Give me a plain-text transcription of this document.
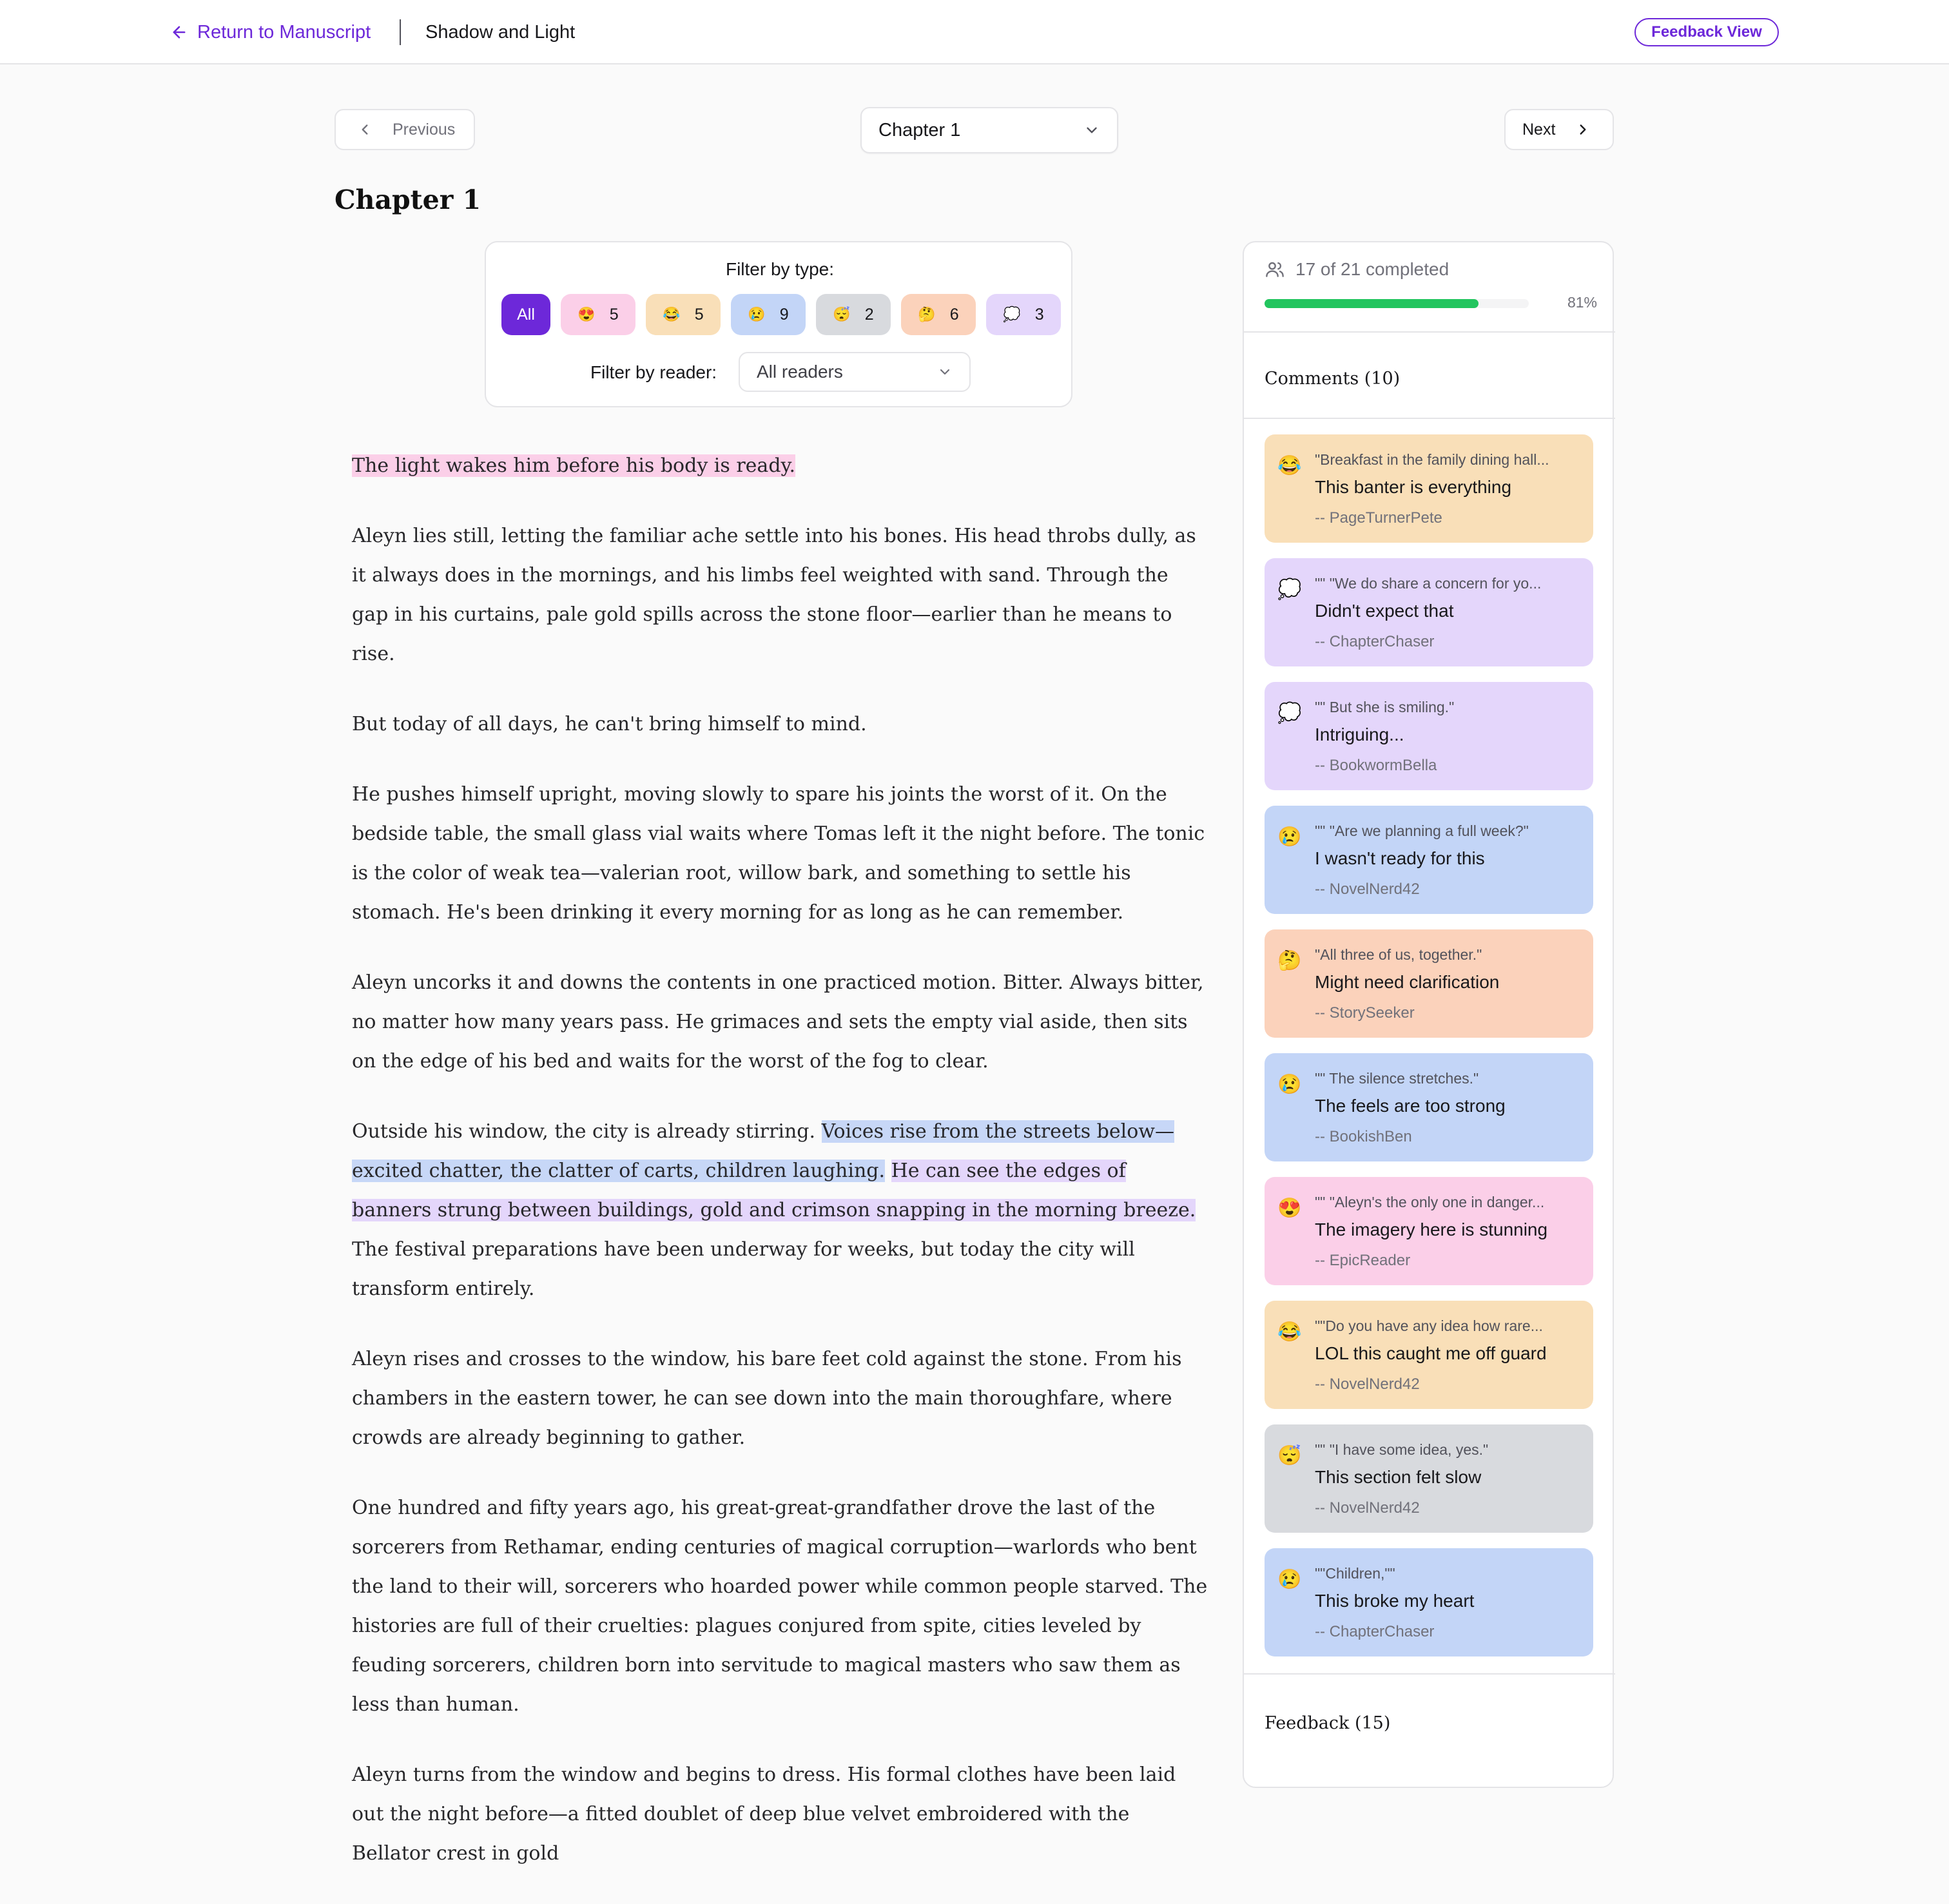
Return to Manuscript	Shadow and Light	Feedback View
Previous	Chapter 1	Next
Chapter 1
Filter by type:
All	😍 5	😂 5	😢 9	😴 2	🤔 6	💭 3
Filter by reader: All readers

The light wakes him before his body is ready.

Aleyn lies still, letting the familiar ache settle into his bones. His head throbs dully, as it always does in the mornings, and his limbs feel weighted with sand. Through the gap in his curtains, pale gold spills across the stone floor—earlier than he means to rise.

But today of all days, he can't bring himself to mind.

He pushes himself upright, moving slowly to spare his joints the worst of it. On the bedside table, the small glass vial waits where Tomas left it the night before. The tonic is the color of weak tea—valerian root, willow bark, and something to settle his stomach. He's been drinking it every morning for as long as he can remember.

Aleyn uncorks it and downs the contents in one practiced motion. Bitter. Always bitter, no matter how many years pass. He grimaces and sets the empty vial aside, then sits on the edge of his bed and waits for the worst of the fog to clear.

Outside his window, the city is already stirring. Voices rise from the streets below—excited chatter, the clatter of carts, children laughing. He can see the edges of banners strung between buildings, gold and crimson snapping in the morning breeze. The festival preparations have been underway for weeks, but today the city will transform entirely.

Aleyn rises and crosses to the window, his bare feet cold against the stone. From his chambers in the eastern tower, he can see down into the main thoroughfare, where crowds are already beginning to gather.

One hundred and fifty years ago, his great-great-grandfather drove the last of the sorcerers from Rethamar, ending centuries of magical corruption—warlords who bent the land to their will, sorcerers who hoarded power while common people starved. The histories are full of their cruelties: plagues conjured from spite, cities leveled by feuding sorcerers, children born into servitude to magical masters who saw them as less than human.

Aleyn turns from the window and begins to dress. His formal clothes have been laid out the night before—a fitted doublet of deep blue velvet embroidered with the Bellator crest in gold

17 of 21 completed
81%
Comments (10)
😂 "Breakfast in the family dining hall...
This banter is everything
-- PageTurnerPete
💭 "" "We do share a concern for yo...
Didn't expect that
-- ChapterChaser
💭 "" But she is smiling."
Intriguing...
-- BookwormBella
😢 "" "Are we planning a full week?"
I wasn't ready for this
-- NovelNerd42
🤔 "All three of us, together."
Might need clarification
-- StorySeeker
😢 "" The silence stretches."
The feels are too strong
-- BookishBen
😍 "" "Aleyn's the only one in danger...
The imagery here is stunning
-- EpicReader
😂 ""Do you have any idea how rare...
LOL this caught me off guard
-- NovelNerd42
😴 "" "I have some idea, yes."
This section felt slow
-- NovelNerd42
😢 ""Children,""
This broke my heart
-- ChapterChaser
Feedback (15)
